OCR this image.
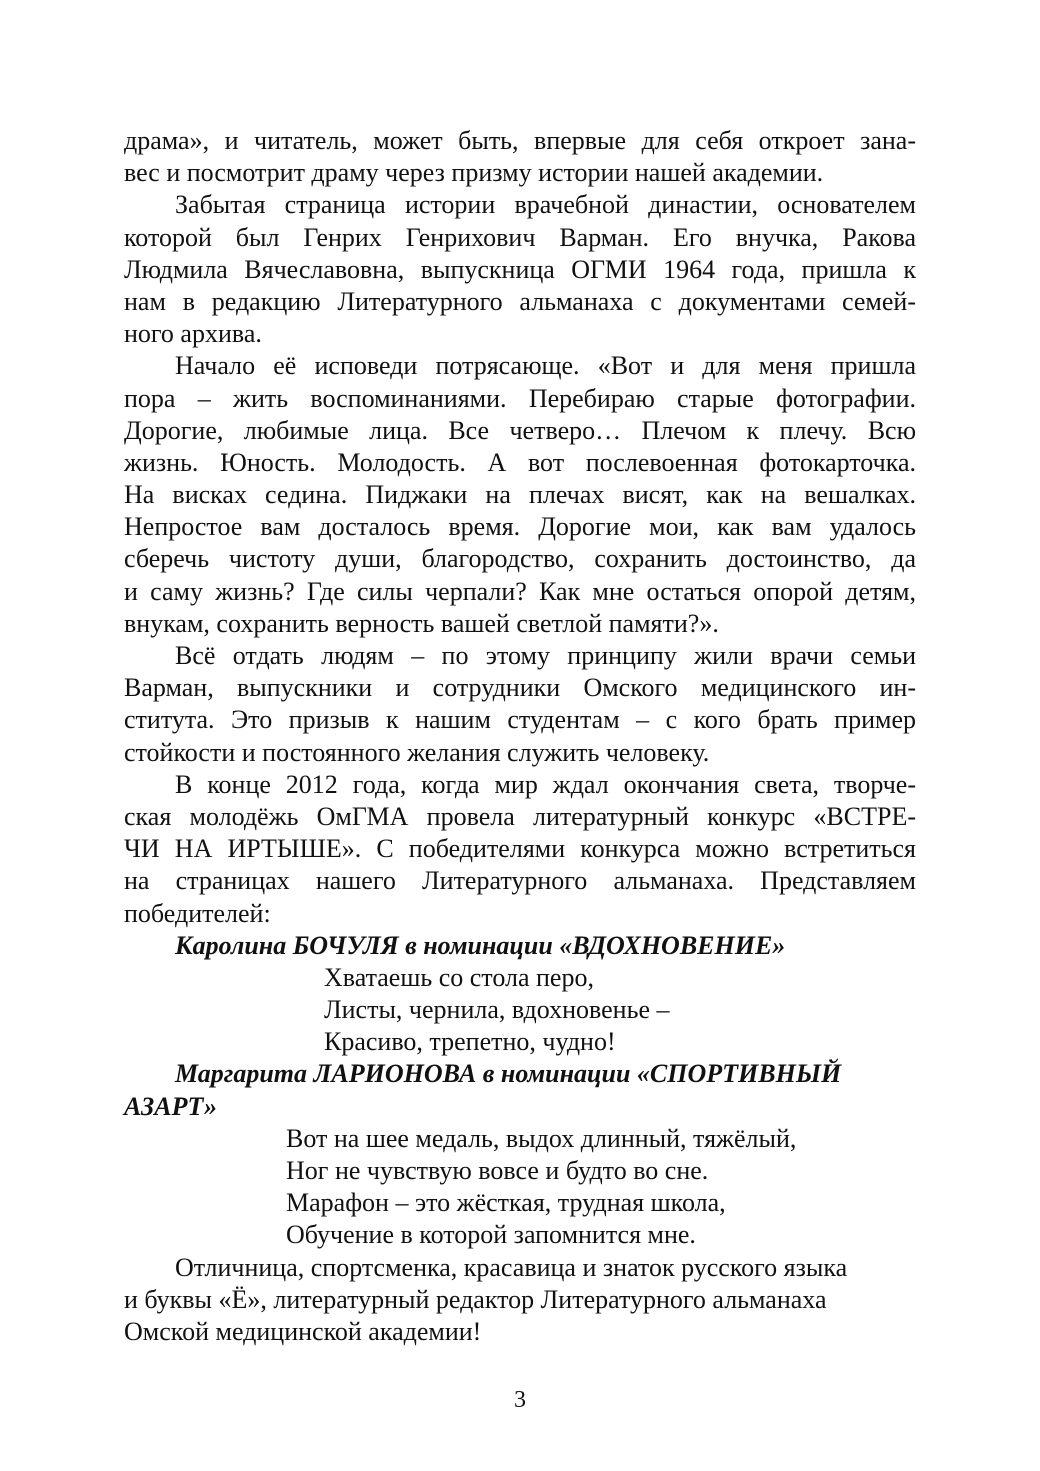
драма», и читатель, может быть, впервые для себя откроет зана-
вес и посмотрит драму через призму истории нашей академии.
Забытая страница истории врачебной династии, основателем
которой был Генрих Генрихович Варман. Его внучка, Ракова
Людмила Вячеславовна, выпускница ОГМИ 1964 года, пришла к
нам в редакцию Литературного альманаха с документами семей-
ного архива.
Начало её исповеди потрясающе. «Вот и для меня пришла
пора – жить воспоминаниями. Перебираю старые фотографии.
Дорогие, любимые лица. Все четверо… Плечом к плечу. Всю
жизнь. Юность. Молодость. А вот послевоенная фотокарточка.
На висках седина. Пиджаки на плечах висят, как на вешалках.
Непростое вам досталось время. Дорогие мои, как вам удалось
сберечь чистоту души, благородство, сохранить достоинство, да
и саму жизнь? Где силы черпали? Как мне остаться опорой детям,
внукам, сохранить верность вашей светлой памяти?».
Всё отдать людям – по этому принципу жили врачи семьи
Варман, выпускники и сотрудники Омского медицинского ин-
ститута. Это призыв к нашим студентам – с кого брать пример
стойкости и постоянного желания служить человеку.
В конце 2012 года, когда мир ждал окончания света, творче-
ская молодёжь ОмГМА провела литературный конкурс «ВСТРЕ-
ЧИ НА ИРТЫШЕ». С победителями конкурса можно встретиться
на страницах нашего Литературного альманаха. Представляем
победителей:
Каролина БОЧУЛЯ в номинации «ВДОХНОВЕНИЕ»
Хватаешь со стола перо,
Листы, чернила, вдохновенье –
Красиво, трепетно, чудно!
Маргарита ЛАРИОНОВА в номинации «СПОРТИВНЫЙ
АЗАРТ»
Вот на шее медаль, выдох длинный, тяжёлый,
Ног не чувствую вовсе и будто во сне.
Марафон – это жёсткая, трудная школа,
Обучение в которой запомнится мне.
Отличница, спортсменка, красавица и знаток русского языка
и буквы «Ё», литературный редактор Литературного альманаха
Омской медицинской академии!
3
